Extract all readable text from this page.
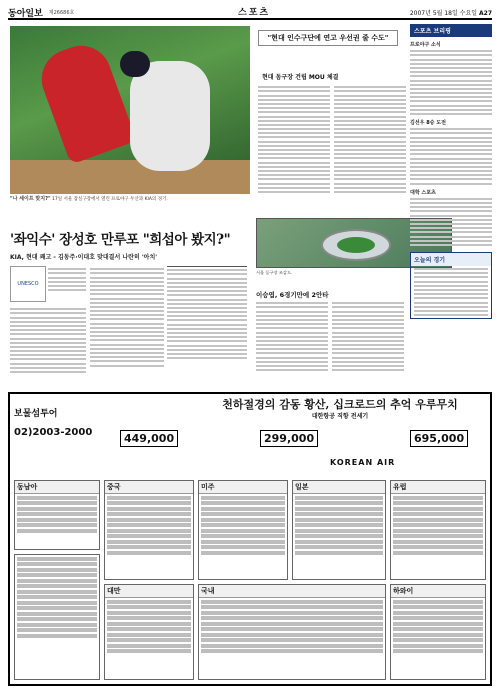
동아일보 제26686호	스포츠	2007년 5월 18일 수요일 A27
"나 세이프 맞지?" 17일 서울 잠실구장에서 열린 프로야구 두산과 KIA의 경기.
'좌익수' 장성호 만루포 "희섭아 봤지?"
KIA, 현대 꽤고 - 김동주·이대호 맞대결서 나란히 '아치'
UNESCO
"현대 인수구단에 연고 우선권 줄 수도"
현대 돔구장 건립 MOU 체결
서울 돔구장 조감도.
이승엽, 6경기만에 2안타
스포츠 브리핑
프로야구 소식
김선우 8승 도전
대학 스포츠
오늘의 경기
보물섬투어
02)2003-2000
천하절경의 감동 황산, 십크로드의 추억 우루무치
대한항공 직항 전세기
449,000	299,000	695,000
KOREAN AIR
동남아	중국	미주	일본	유럽
대만	국내	하와이
